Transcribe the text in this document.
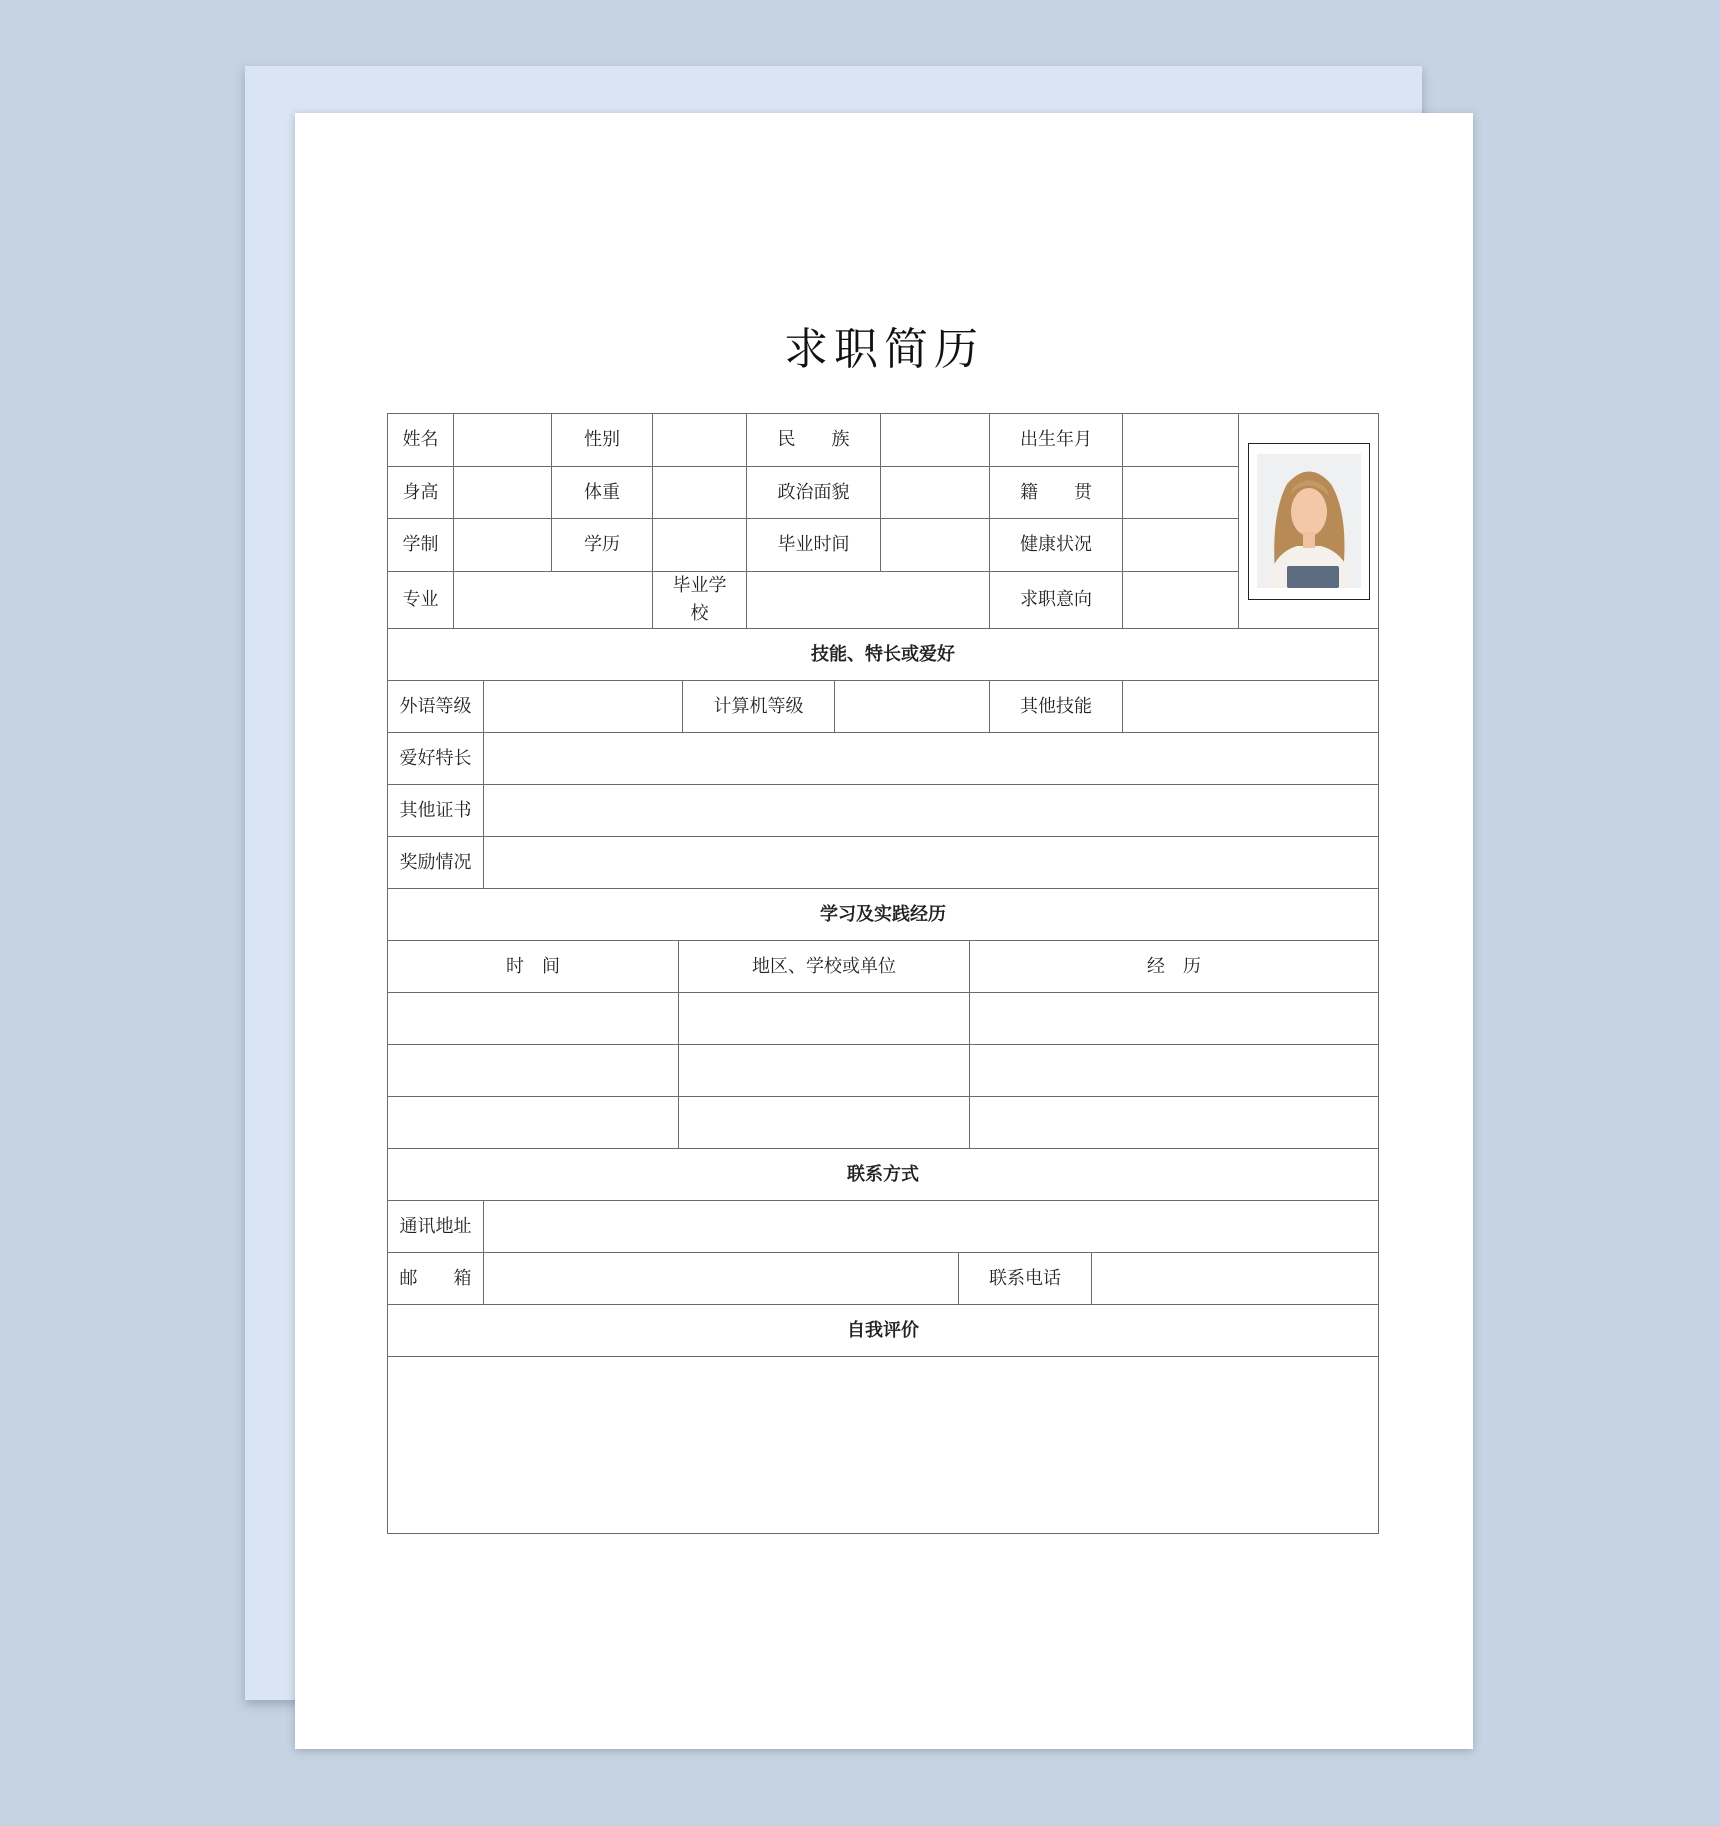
求职简历
姓名		性别		民　　族		出生年月		

身高		体重		政治面貌		籍　　贯		
学制		学历		毕业时间		健康状况		
专业			毕业学校			求职意向		
技能、特长或爱好					
外语等级		计算机等级		其他技能	
爱好特长					
其他证书					
奖励情况					
学习及实践经历		
时　间	地区、学校或单位	经　历

联系方式			
通讯地址			
邮　　箱		联系电话	
自我评价			
